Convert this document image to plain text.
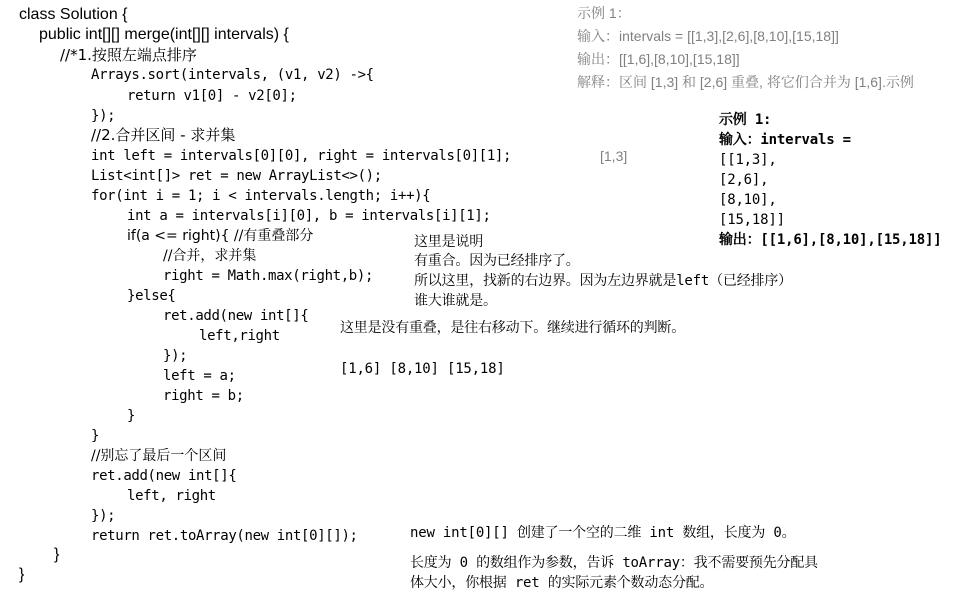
class Solution {
public int[][] merge(int[][] intervals) {
//*1.按照左端点排序
Arrays.sort(intervals, (v1, v2) ->{
return v1[0] - v2[0];
});
//2.合并区间 - 求并集
int left = intervals[0][0], right = intervals[0][1];
List<int[]> ret = new ArrayList<>();
for(int i = 1; i < intervals.length; i++){
int a = intervals[i][0], b = intervals[i][1];
if(a <= right){ //有重叠部分
//合并，求并集
right = Math.max(right,b);
}else{
ret.add(new int[]{
left,right
});
left = a;
right = b;
}
}
//别忘了最后一个区间
ret.add(new int[]{
left, right
});
return ret.toArray(new int[0][]);
}
}
示例 1：
输入：intervals = [[1,3],[2,6],[8,10],[15,18]]
输出：[[1,6],[8,10],[15,18]]
解释：区间 [1,3] 和 [2,6] 重叠, 将它们合并为 [1,6].示例
[1,3]
示例 1:
输入：intervals =
[[1,3],
[2,6],
[8,10],
[15,18]]
输出：[[1,6],[8,10],[15,18]]
这里是说明
有重合。因为已经排序了。
所以这里，找新的右边界。因为左边界就是left（已经排序）
谁大谁就是。
这里是没有重叠，是往右移动下。继续进行循环的判断。
[1,6] [8,10] [15,18]
new int[0][] 创建了一个空的二维 int 数组，长度为 0。
长度为 0 的数组作为参数，告诉 toArray：我不需要预先分配具
体大小，你根据 ret 的实际元素个数动态分配。
